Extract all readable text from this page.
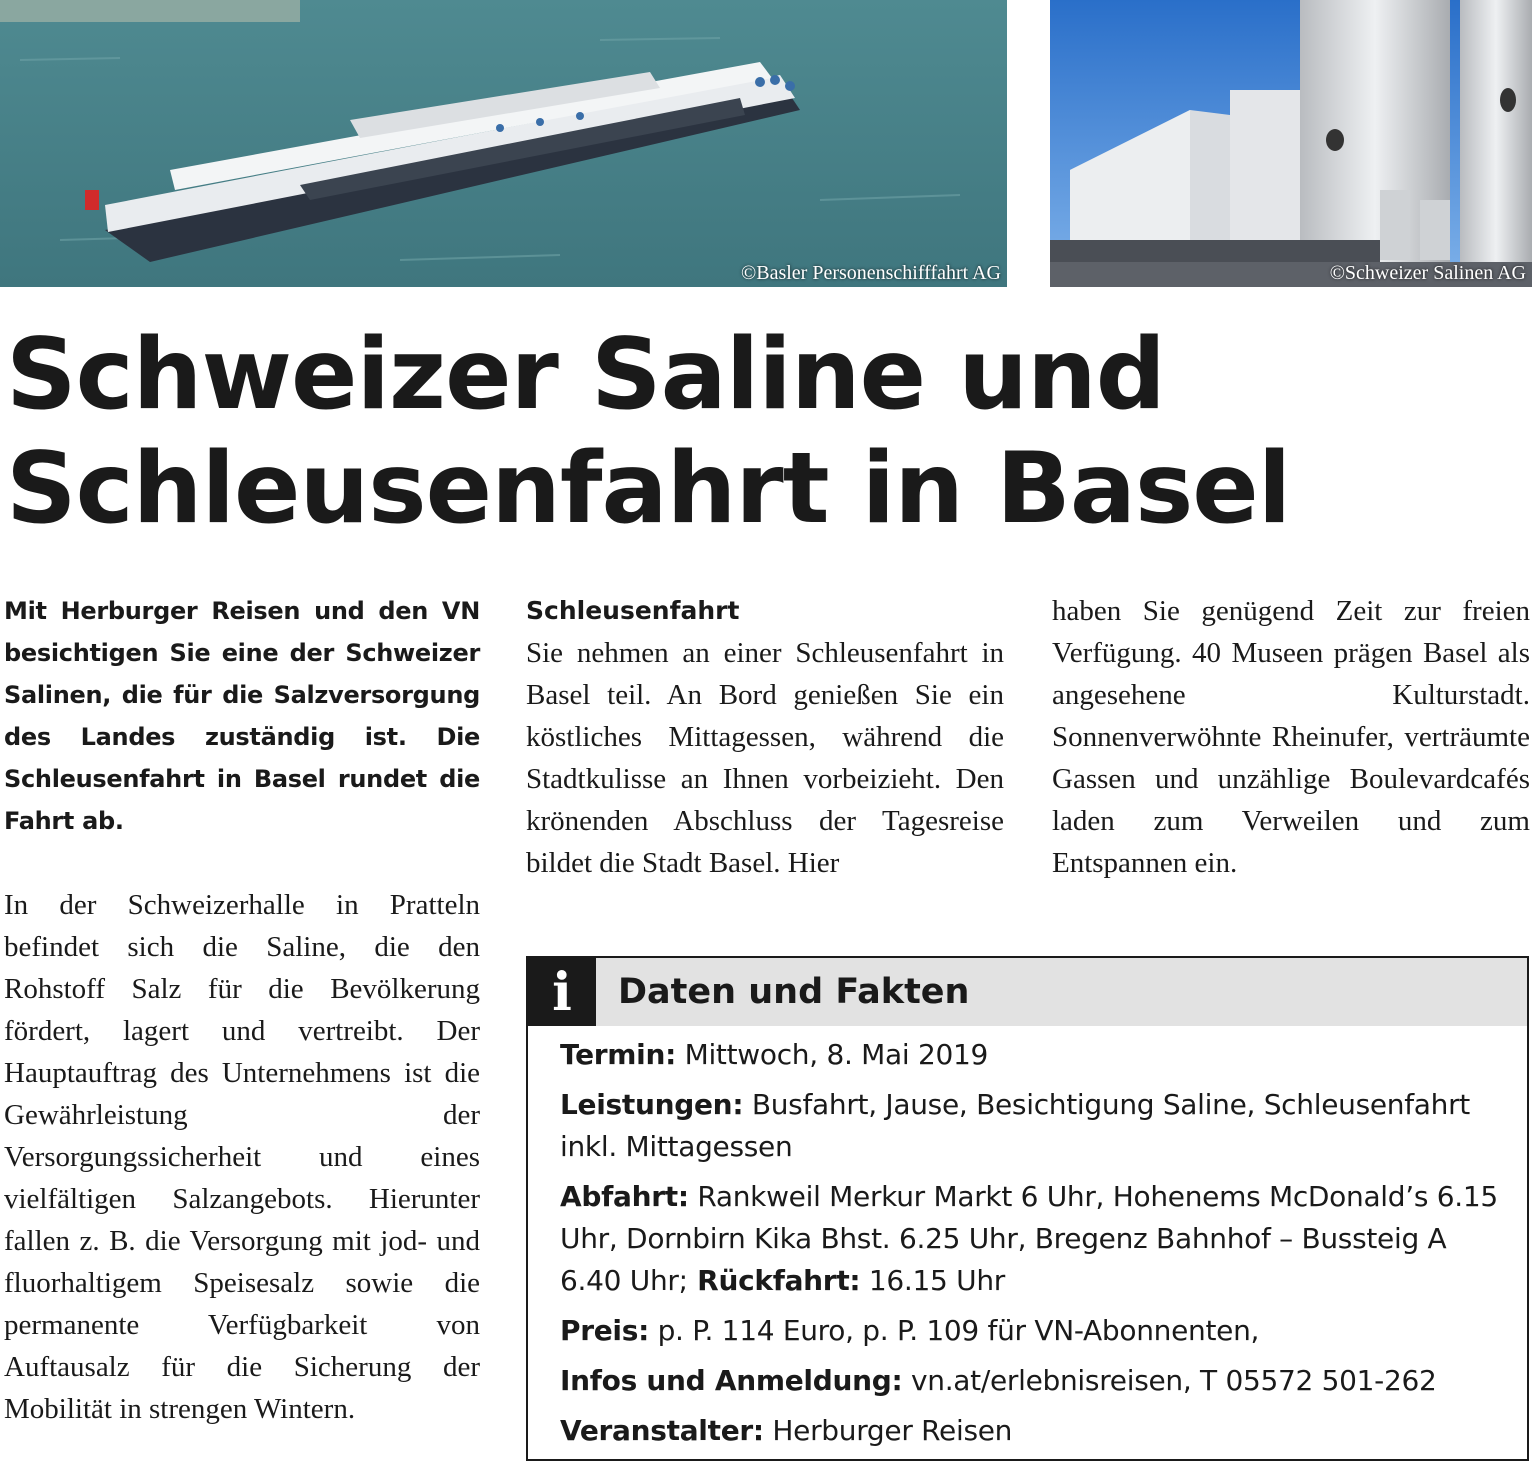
©Basler Personenschifffahrt AG	©Schweizer Salinen AG
Schweizer Saline und
Schleusenfahrt in Basel

Mit Herburger Reisen und den VN besichtigen Sie eine der Schweizer Salinen, die für die Salzversorgung des Landes zuständig ist. Die Schleusenfahrt in Basel rundet die Fahrt ab.

In der Schweizerhalle in Pratteln befindet sich die Saline, die den Rohstoff Salz für die Bevölkerung fördert, lagert und vertreibt. Der Hauptauftrag des Unternehmens ist die Gewährleistung der Versorgungssicherheit und eines vielfältigen Salzangebots. Hierunter fallen z. B. die Versorgung mit jod- und fluorhaltigem Speisesalz sowie die permanente Verfügbarkeit von Auftausalz für die Sicherung der Mobilität in strengen Wintern.

Schleusenfahrt

Sie nehmen an einer Schleusenfahrt in Basel teil. An Bord genießen Sie ein köstliches Mittagessen, während die Stadtkulisse an Ihnen vorbeizieht. Den krönenden Abschluss der Tagesreise bildet die Stadt Basel. Hier

haben Sie genügend Zeit zur freien Verfügung. 40 Museen prägen Basel als angesehene Kulturstadt. Sonnenverwöhnte Rheinufer, verträumte Gassen und unzählige Boulevardcafés laden zum Verweilen und zum Entspannen ein.

i	Daten und Fakten
Termin: Mittwoch, 8. Mai 2019
Leistungen: Busfahrt, Jause, Besichtigung Saline, Schleusenfahrt inkl. Mittagessen
Abfahrt: Rankweil Merkur Markt 6 Uhr, Hohenems McDonald’s 6.15 Uhr, Dornbirn Kika Bhst. 6.25 Uhr, Bregenz Bahnhof – Bussteig A 6.40 Uhr; Rückfahrt: 16.15 Uhr
Preis: p. P. 114 Euro, p. P. 109 für VN-Abonnenten,
Infos und Anmeldung: vn.at/erlebnisreisen, T 05572 501-262
Veranstalter: Herburger Reisen
